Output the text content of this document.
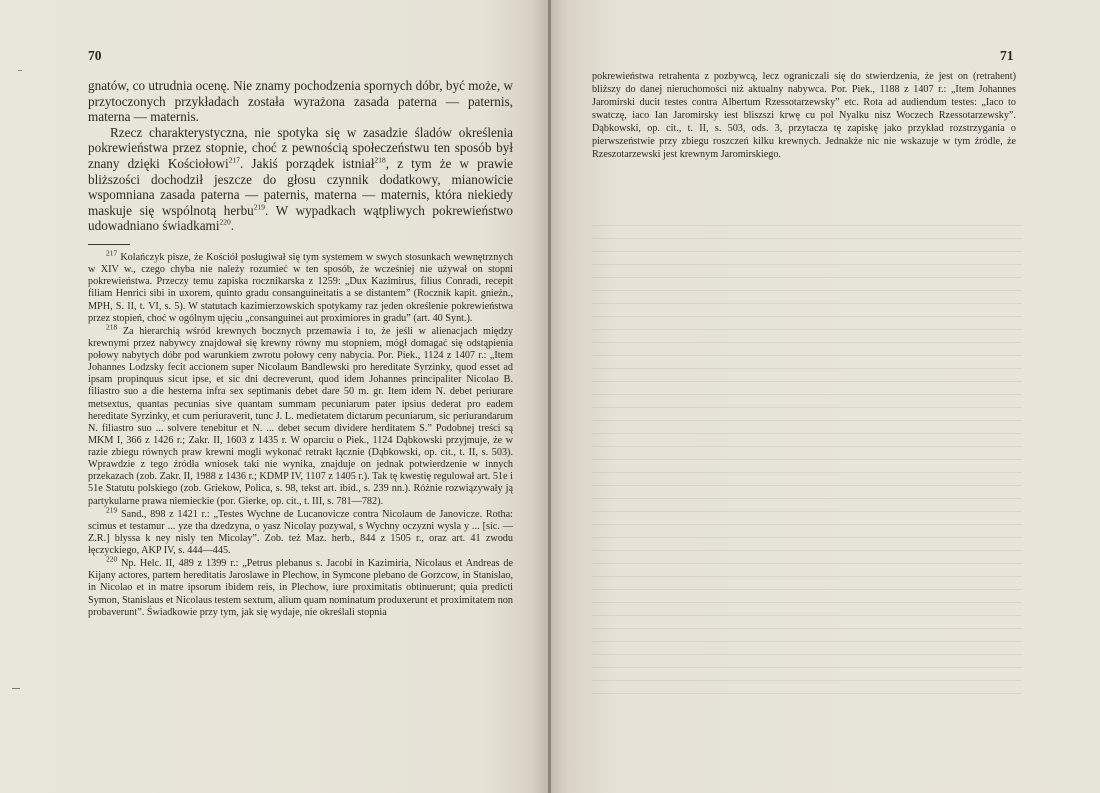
70

gnatów, co utrudnia ocenę. Nie znamy pochodzenia spornych dóbr, być może, w przytoczonych przykładach została wyrażona zasada paterna — paternis, materna — maternis.

Rzecz charakterystyczna, nie spotyka się w zasadzie śladów określenia pokrewieństwa przez stopnie, choć z pewnością społeczeństwu ten sposób był znany dzięki Kościołowi$^{217}$. Jakiś porządek istniał$^{218}$, z tym że w prawie bliższości dochodził jeszcze do głosu czynnik dodatkowy, mianowicie wspomniana zasada paterna — paternis, materna — maternis, która niekiedy maskuje się wspólnotą herbu$^{219}$. W wypadkach wątpliwych pokrewieństwo udowadniano świadkami$^{220}$.

$^{217}$ Kolańczyk pisze, że Kościół posługiwał się tym systemem w swych stosunkach wewnętrznych w XIV w., czego chyba nie należy rozumieć w ten sposób, że wcześniej nie używał on stopni pokrewieństwa. Przeczy temu zapiska rocznikarska z 1259: „Dux Kazimirus, filius Conradi, recepit filiam Henrici sibi in uxorem, quinto gradu consanguineitatis a se distantem” (Rocznik kapit. gnieźn., MPH, S. II, t. VI, s. 5). W statutach kazimierzowskich spotykamy raz jeden określenie pokrewieństwa przez stopień, choć w ogólnym ujęciu „consanguinei aut proximiores in gradu” (art. 40 Synt.).

$^{218}$ Za hierarchią wśród krewnych bocznych przemawia i to, że jeśli w alienacjach między krewnymi przez nabywcy znajdował się krewny równy mu stopniem, mógł domagać się odstąpienia połowy nabytych dóbr pod warunkiem zwrotu połowy ceny nabycia. Por. Piek., 1124 z 1407 r.: „Item Johannes Lodzsky fecit accionem super Nicolaum Bandlewski pro hereditate Syrzinky, quod esset ad ipsam propinquus sicut ipse, et sic dni decreverunt, quod idem Johannes principaliter Nicolao B. filiastro suo a die hesterna infra sex septimanis debet dare 50 m. gr. Item idem N. debet periurare metsextus, quantas pecunias sive quantam summam pecuniarum pater ipsius dederat pro eadem hereditate Syrzinky, et cum periuraverit, tunc J. L. medietatem dictarum pecuniarum, sic periurandarum N. filiastro suo ... solvere tenebitur et N. ... debet secum dividere herditatem S.” Podobnej treści są MKM I, 366 z 1426 r.; Zakr. II, 1603 z 1435 r. W oparciu o Piek., 1124 Dąbkowski przyjmuje, że w razie zbiegu równych praw krewni mogli wykonać retrakt łącznie (Dąbkowski, op. cit., t. II, s. 503). Wprawdzie z tego źródła wniosek taki nie wynika, znajduje on jednak potwierdzenie w innych przekazach (zob. Zakr. II, 1988 z 1436 r.; KDMP IV, 1107 z 1405 r.). Tak tę kwestię regulował art. 51e i 51e Statutu polskiego (zob. Griekow, Polica, s. 98, tekst art. ibid., s. 239 nn.). Różnie rozwiązywały ją partykularne prawa niemieckie (por. Gierke, op. cit., t. III, s. 781—782).

$^{219}$ Sand., 898 z 1421 r.: „Testes Wychne de Lucanovicze contra Nicolaum de Janovicze. Rotha: scimus et testamur ... yze tha dzedzyna, o yasz Nicolay pozywal, s Wychny oczyzni wysla y ... [sic. — Z.R.] blyssa k ney nisly ten Micolay”. Zob. też Maz. herb., 844 z 1505 r., oraz art. 41 zwodu łęczyckiego, AKP IV, s. 444—445.

$^{220}$ Np. Helc. II, 489 z 1399 r.: „Petrus plebanus s. Jacobi in Kazimiria, Nicolaus et Andreas de Kijany actores, partem hereditatis Jaroslawe in Plechow, in Symcone plebano de Gorzcow, in Stanislao, in Nicolao et in matre ipsorum ibidem reis, in Plechow, iure proximitatis obtinuerunt; quia predicti Symon, Stanislaus et Nicolaus testem sextum, alium quam nominatum produxerunt et proximitatem non probaverunt”. Świadkowie przy tym, jak się wydaje, nie określali stopnia

71

pokrewieństwa retrahenta z pozbywcą, lecz ograniczali się do stwierdzenia, że jest on (retrahent) bliższy do danej nieruchomości niż aktualny nabywca. Por. Piek., 1188 z 1407 r.: „Item Johannes Jaromirski ducit testes contra Albertum Rzessotarzewsky” etc. Rota ad audiendum testes: „Iaco to swatczę, iaco Ian Jaromirsky iest bliszszi krwę cu pol Nyalku nisz Woczech Rzessotarzewsky”. Dąbkowski, op. cit., t. II, s. 503, ods. 3, przytacza tę zapiskę jako przykład rozstrzygania o pierwszeństwie przy zbiegu roszczeń kilku krewnych. Jednakże nic nie wskazuje w tym źródle, że Rzeszotarzewski jest krewnym Jaromirskiego.
